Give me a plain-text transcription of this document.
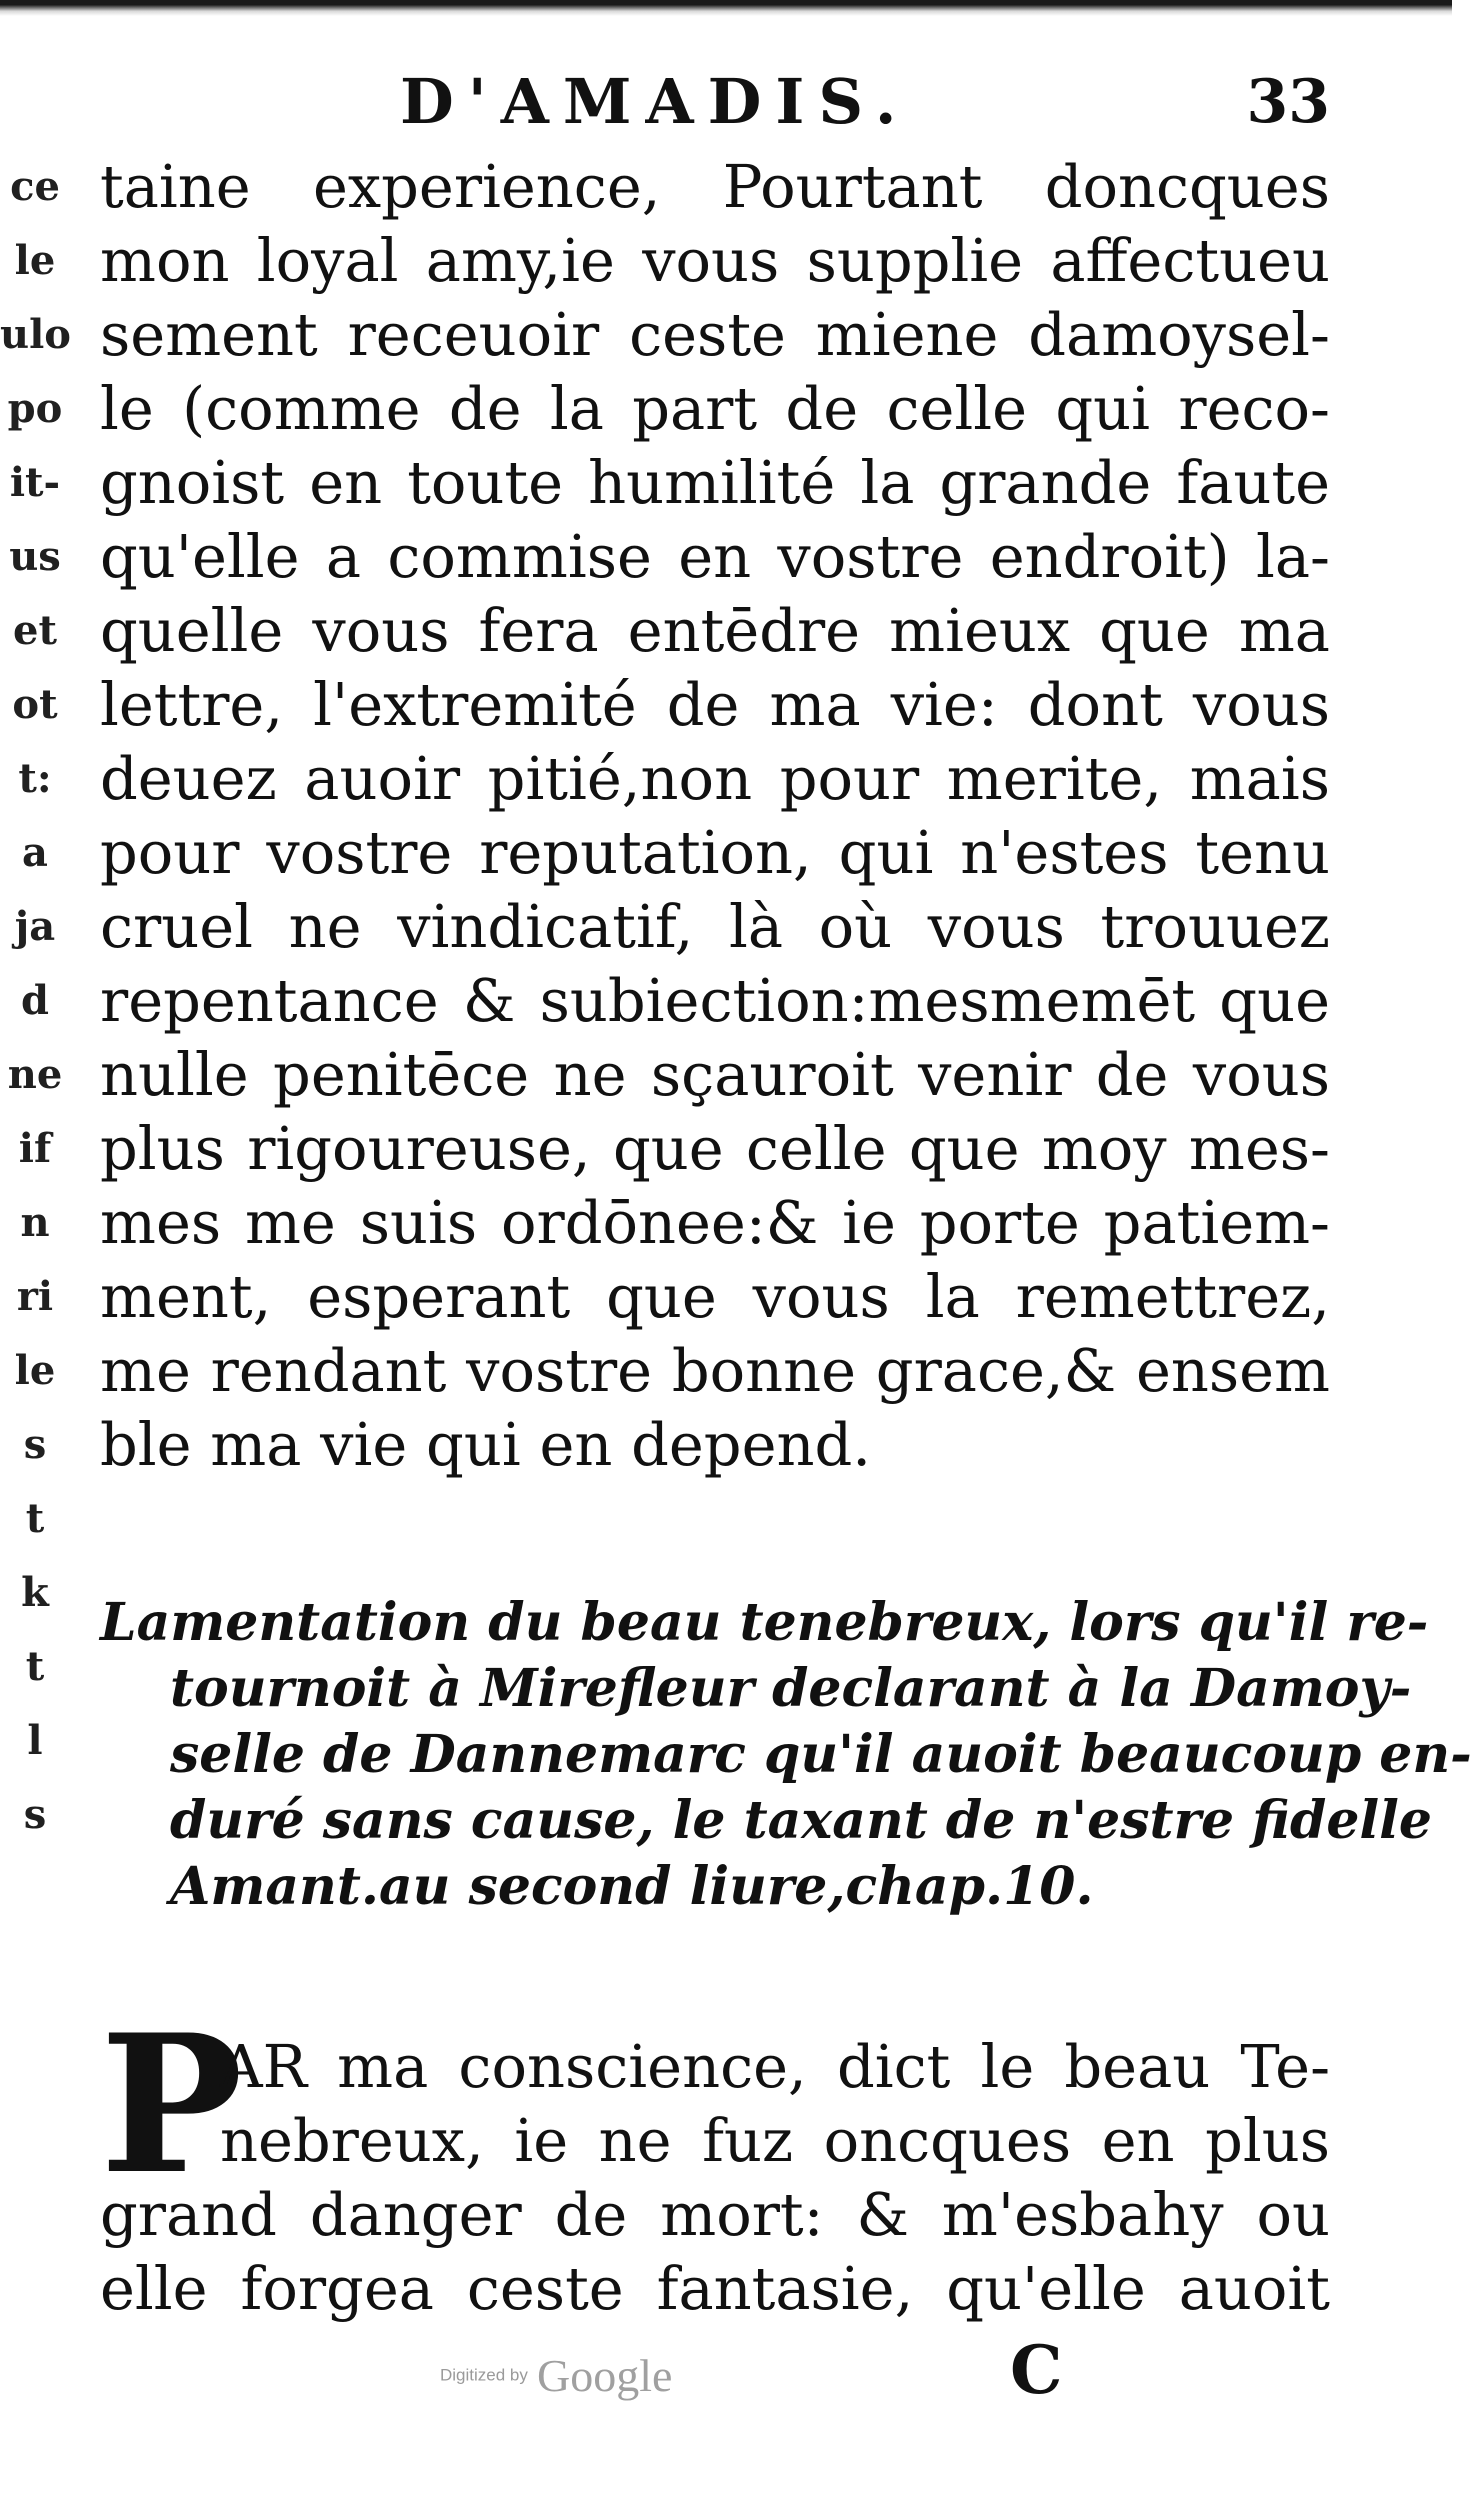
ce
le
ulo
po
it-
us
et
ot
t:
a
ja
d
ne
if
n
ri
le
s
t
k
t
l
s
D'AMADIS.	33
taine experience, Pourtant doncques
mon loyal amy,ie vous supplie affectueu
sement receuoir ceste miene damoysel-
le (comme de la part de celle qui reco-
gnoist en toute humilité la grande faute
qu'elle a commise en vostre endroit) la-
quelle vous fera entēdre mieux que ma
lettre, l'extremité de ma vie: dont vous
deuez auoir pitié,non pour merite, mais
pour vostre reputation, qui n'estes tenu
cruel ne vindicatif, là où vous trouuez
repentance & subiection:mesmemēt que
nulle penitēce ne sçauroit venir de vous
plus rigoureuse, que celle que moy mes-
mes me suis ordōnee:& ie porte patiem-
ment, esperant que vous la remettrez,
me rendant vostre bonne grace,& ensem
ble ma vie qui en depend.
Lamentation du beau tenebreux, lors qu'il re-
tournoit à Mirefleur declarant à la Damoy-
selle de Dannemarc qu'il auoit beaucoup en-
duré sans cause, le taxant de n'estre fidelle
Amant.au second liure,chap.10.
P
AR ma conscience, dict le beau Te-
nebreux, ie ne fuz oncques en plus
grand danger de mort: & m'esbahy ou
elle forgea ceste fantasie, qu'elle auoit
C
Digitized by Google
